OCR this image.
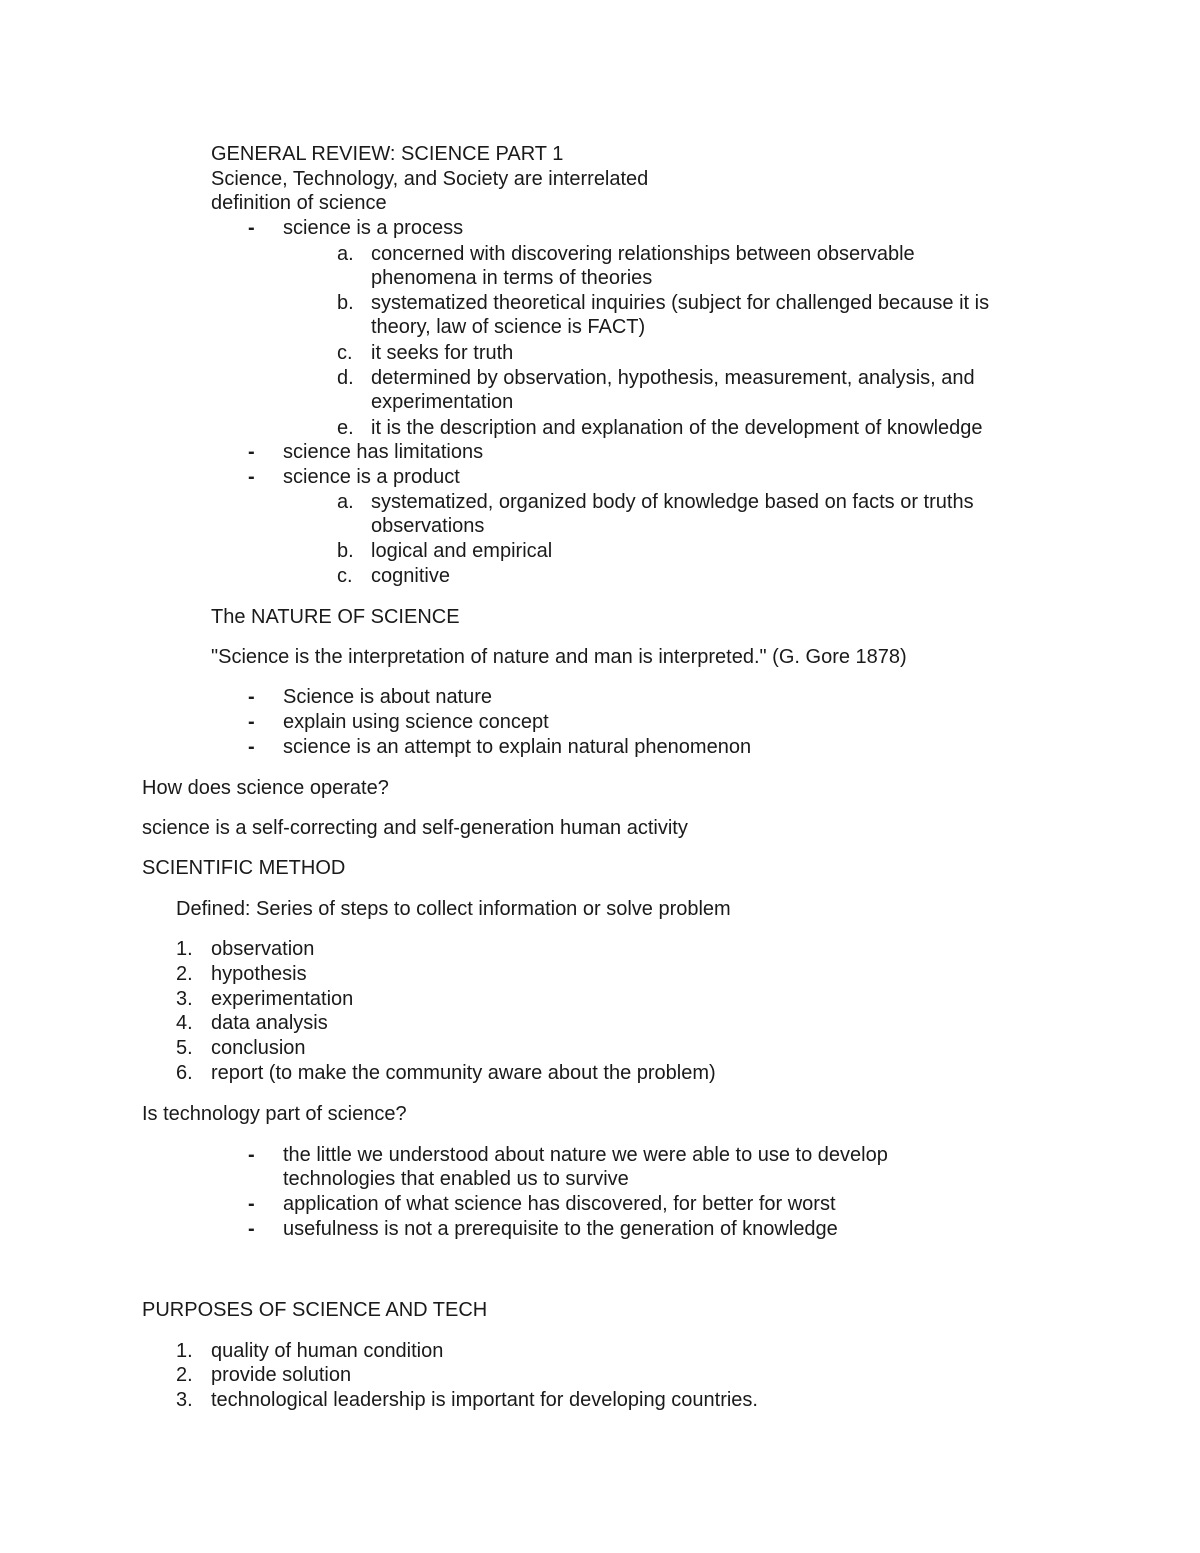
GENERAL REVIEW: SCIENCE PART 1
Science, Technology, and Society are interrelated
definition of science
- science is a process
a. concerned with discovering relationships between observable
phenomena in terms of theories
b. systematized theoretical inquiries (subject for challenged because it is
theory, law of science is FACT)
c. it seeks for truth
d. determined by observation, hypothesis, measurement, analysis, and
experimentation
e. it is the description and explanation of the development of knowledge
- science has limitations
- science is a product
a. systematized, organized body of knowledge based on facts or truths
observations
b. logical and empirical
c. cognitive
The NATURE OF SCIENCE
"Science is the interpretation of nature and man is interpreted." (G. Gore 1878)
- Science is about nature
- explain using science concept
- science is an attempt to explain natural phenomenon
How does science operate?
science is a self-correcting and self-generation human activity
SCIENTIFIC METHOD
Defined: Series of steps to collect information or solve problem
1. observation
2. hypothesis
3. experimentation
4. data analysis
5. conclusion
6. report (to make the community aware about the problem)
Is technology part of science?
- the little we understood about nature we were able to use to develop
technologies that enabled us to survive
- application of what science has discovered, for better for worst
- usefulness is not a prerequisite to the generation of knowledge
PURPOSES OF SCIENCE AND TECH
1. quality of human condition
2. provide solution
3. technological leadership is important for developing countries.
